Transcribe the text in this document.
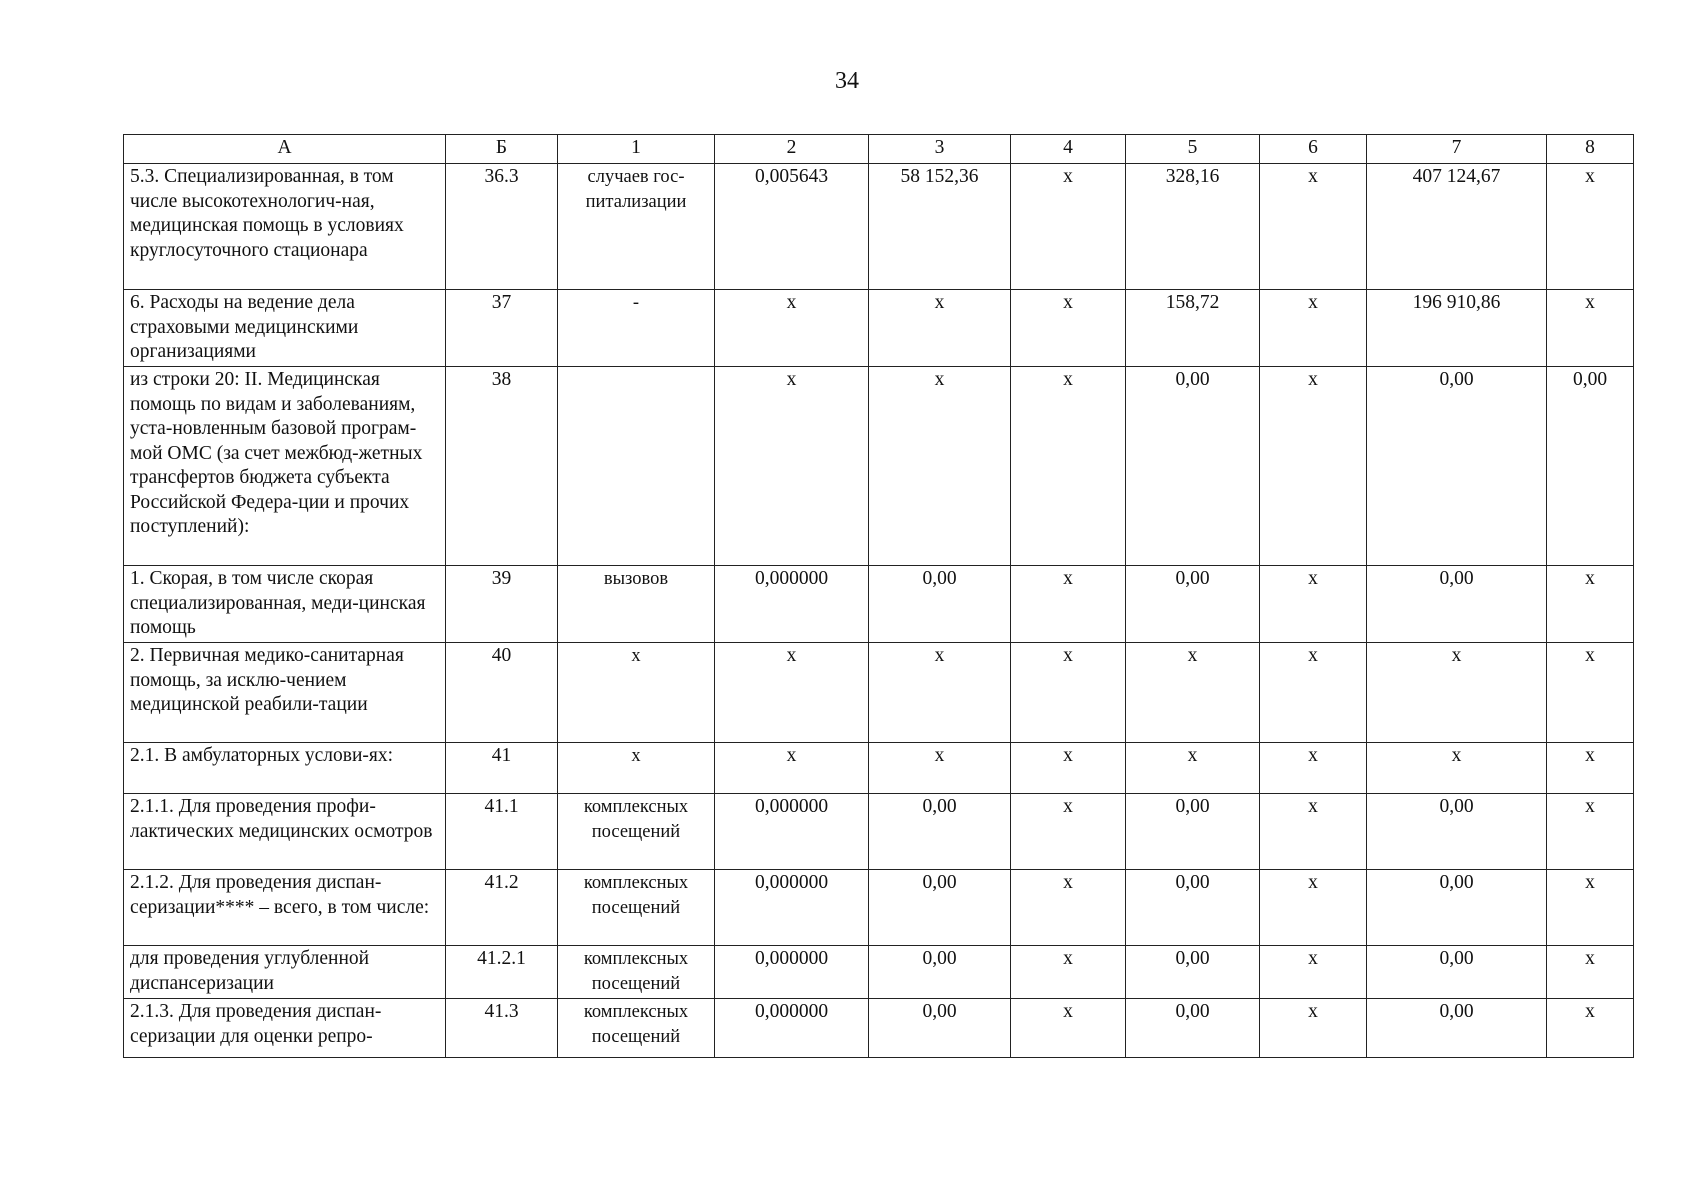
34
А	Б	1	2	3	4	5	6	7	8
5.3. Специализированная, в том числе высокотехнологич-ная, медицинская помощь в условиях круглосуточного стационара	36.3	случаев гос-питализации	0,005643	58 152,36	х	328,16	х	407 124,67	х
6. Расходы на ведение дела страховыми медицинскими организациями	37	-	х	х	х	158,72	х	196 910,86	х
из строки 20: II. Медицинская помощь по видам и заболеваниям, уста-новленным базовой програм-мой ОМС (за счет межбюд-жетных трансфертов бюджета субъекта Российской Федера-ции и прочих поступлений):	38		х	х	х	0,00	х	0,00	0,00
1. Скорая, в том числе скорая специализированная, меди-цинская помощь	39	вызовов	0,000000	0,00	х	0,00	х	0,00	х
2. Первичная медико-санитарная помощь, за исклю-чением медицинской реабили-тации	40	х	х	х	х	х	х	х	х
2.1. В амбулаторных услови-ях:	41	х	х	х	х	х	х	х	х
2.1.1. Для проведения профи-лактических медицинских осмотров	41.1	комплексных посещений	0,000000	0,00	х	0,00	х	0,00	х
2.1.2. Для проведения диспан-серизации**** – всего, в том числе:	41.2	комплексных посещений	0,000000	0,00	х	0,00	х	0,00	х
для проведения углубленной диспансеризации	41.2.1	комплексных посещений	0,000000	0,00	х	0,00	х	0,00	х
2.1.3. Для проведения диспан-серизации для оценки репро-	41.3	комплексных посещений	0,000000	0,00	х	0,00	х	0,00	х
